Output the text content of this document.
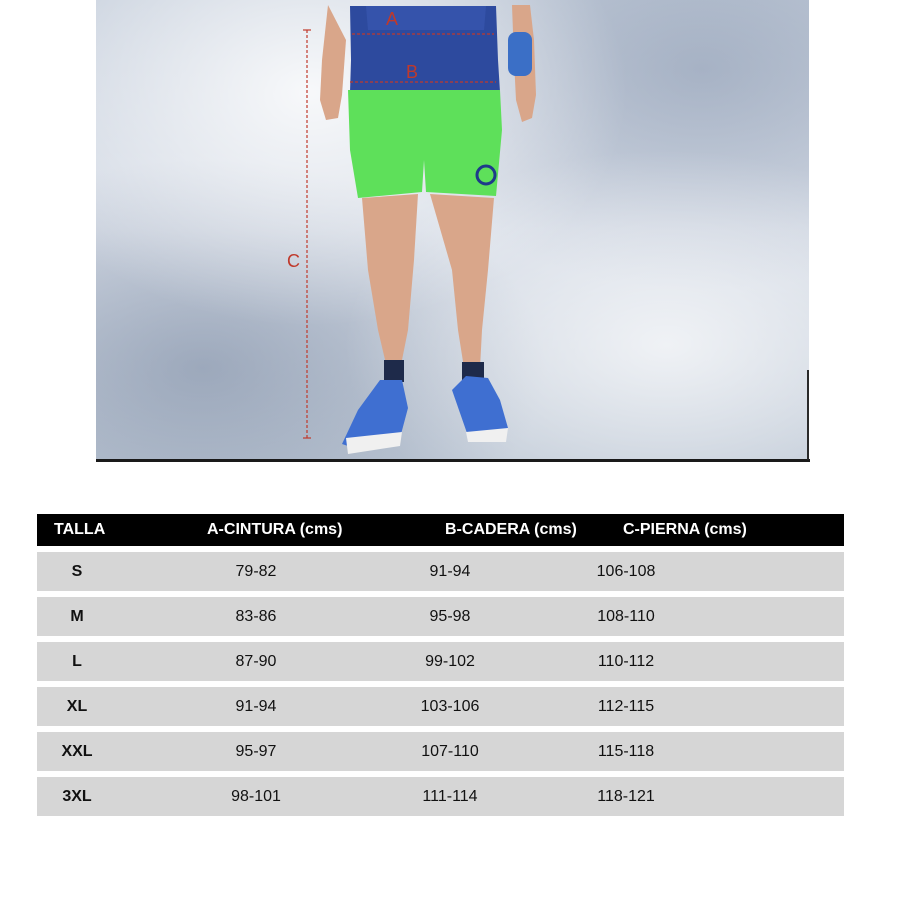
A
B
C
TALLA	A-CINTURA (cms)	B-CADERA (cms)	C-PIERNA (cms)
S	79-82	91-94	106-108
M	83-86	95-98	108-110
L	87-90	99-102	110-112
XL	91-94	103-106	112-115
XXL	95-97	107-110	115-118
3XL	98-101	111-114	118-121
